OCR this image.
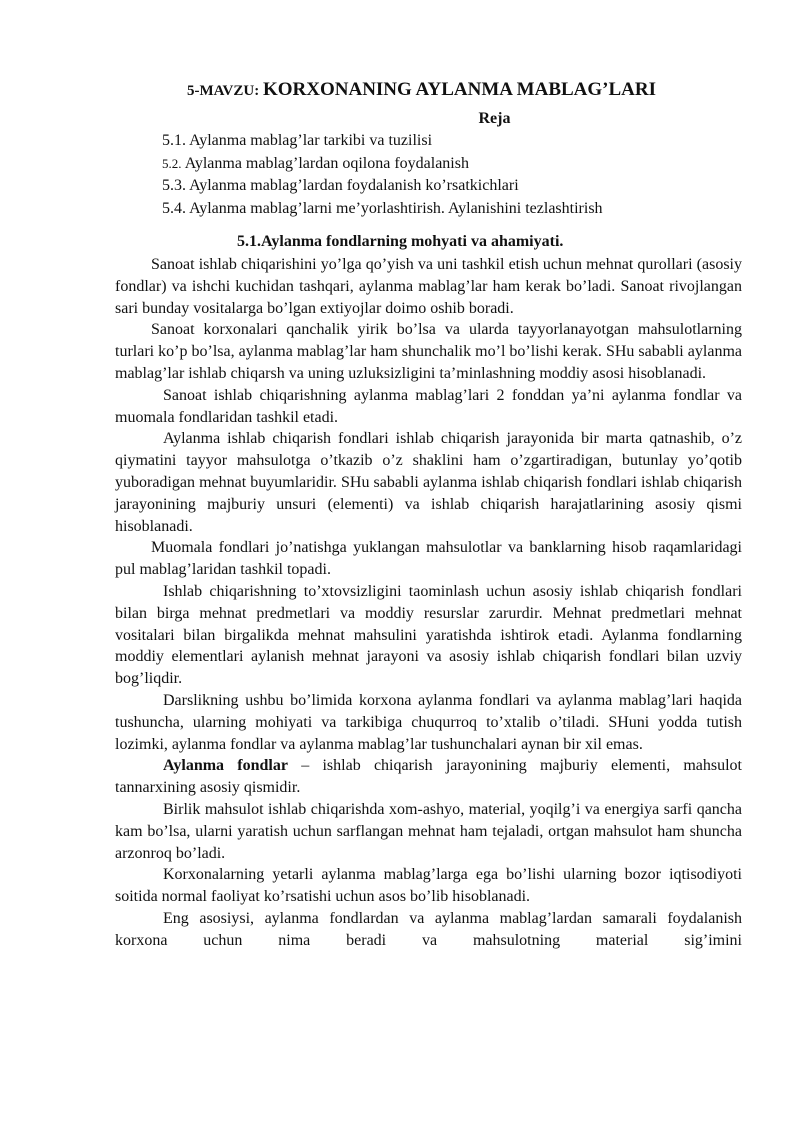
5-MAVZU: KORXONANING AYLANMA MABLAG’LARI
Reja
5.1. Aylanma mablag’lar tarkibi va tuzilisi
5.2. Aylanma mablag’lardan oqilona foydalanish
5.3. Aylanma mablag’lardan foydalanish ko’rsatkichlari
5.4. Aylanma mablag’larni me’yorlashtirish. Aylanishini tezlashtirish
5.1.Aylanma fondlarning mohyati va ahamiyati.

Sanoat ishlab chiqarishini yo’lga qo’yish va uni tashkil etish uchun mehnat qurollari (asosiy fondlar) va ishchi kuchidan tashqari, aylanma mablag’lar ham kerak bo’ladi. Sanoat rivojlangan sari bunday vositalarga bo’lgan extiyojlar doimo oshib boradi.

Sanoat korxonalari qanchalik yirik bo’lsa va ularda tayyorlanayotgan mahsulotlarning turlari ko’p bo’lsa, aylanma mablag’lar ham shunchalik mo’l bo’lishi kerak. SHu sababli aylanma mablag’lar ishlab chiqarsh va uning uzluksizligini ta’minlashning moddiy asosi hisoblanadi.

Sanoat ishlab chiqarishning aylanma mablag’lari 2 fonddan ya’ni aylanma fondlar va muomala fondlaridan tashkil etadi.

Aylanma ishlab chiqarish fondlari ishlab chiqarish jarayonida bir marta qatnashib, o’z qiymatini tayyor mahsulotga o’tkazib o’z shaklini ham o’zgartiradigan, butunlay yo’qotib yuboradigan mehnat buyumlaridir. SHu sababli aylanma ishlab chiqarish fondlari ishlab chiqarish jarayonining majburiy unsuri (elementi) va ishlab chiqarish harajatlarining asosiy qismi hisoblanadi.

Muomala fondlari jo’natishga yuklangan mahsulotlar va banklarning hisob raqamlaridagi pul mablag’laridan tashkil topadi.

Ishlab chiqarishning to’xtovsizligini taominlash uchun asosiy ishlab chiqarish fondlari bilan birga mehnat predmetlari va moddiy resurslar zarurdir. Mehnat predmetlari mehnat vositalari bilan birgalikda mehnat mahsulini yaratishda ishtirok etadi. Aylanma fondlarning moddiy elementlari aylanish mehnat jarayoni va asosiy ishlab chiqarish fondlari bilan uzviy bog’liqdir.

Darslikning ushbu bo’limida korxona aylanma fondlari va aylanma mablag’lari haqida tushuncha, ularning mohiyati va tarkibiga chuqurroq to’xtalib o’tiladi. SHuni yodda tutish lozimki, aylanma fondlar va aylanma mablag’lar tushunchalari aynan bir xil emas.

Aylanma fondlar – ishlab chiqarish jarayonining majburiy elementi, mahsulot tannarxining asosiy qismidir.

Birlik mahsulot ishlab chiqarishda xom-ashyo, material, yoqilg’i va energiya sarfi qancha kam bo’lsa, ularni yaratish uchun sarflangan mehnat ham tejaladi, ortgan mahsulot ham shuncha arzonroq bo’ladi.

Korxonalarning yetarli aylanma mablag’larga ega bo’lishi ularning bozor iqtisodiyoti soitida normal faoliyat ko’rsatishi uchun asos bo’lib hisoblanadi.

Eng asosiysi, aylanma fondlardan va aylanma mablag’lardan samarali foydalanish korxona uchun nima beradi va mahsulotning material sig’imini
